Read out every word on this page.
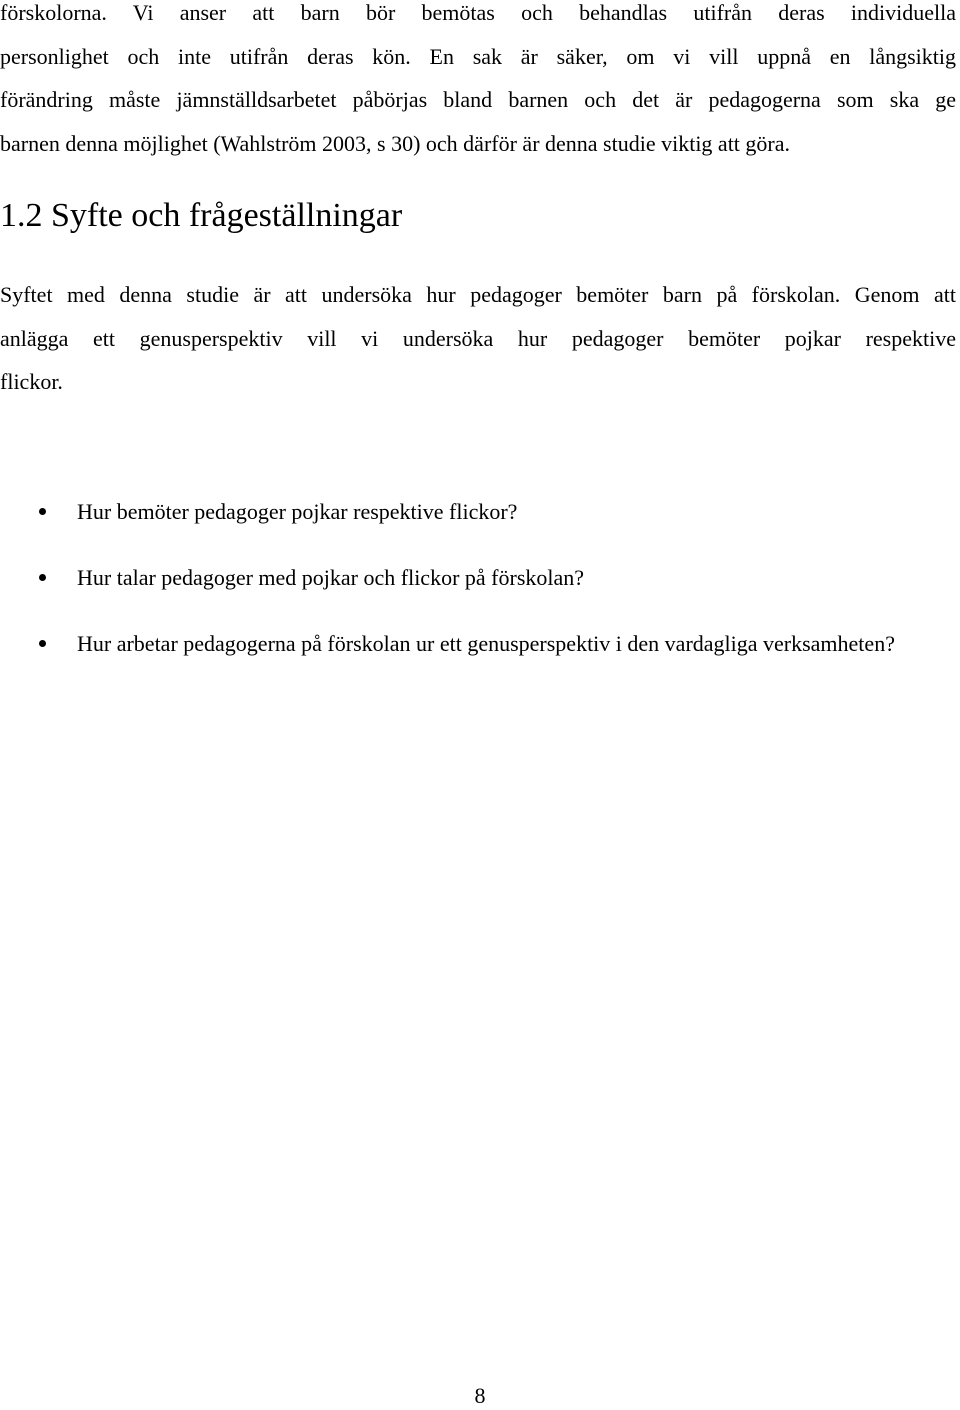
förskolorna. Vi anser att barn bör bemötas och behandlas utifrån deras individuella
personlighet och inte utifrån deras kön. En sak är säker, om vi vill uppnå en långsiktig
förändring måste jämnställdsarbetet påbörjas bland barnen och det är pedagogerna som ska ge
barnen denna möjlighet (Wahlström 2003, s 30) och därför är denna studie viktig att göra.

1.2 Syfte och frågeställningar

Syftet med denna studie är att undersöka hur pedagoger bemöter barn på förskolan. Genom att
anlägga ett genusperspektiv vill vi undersöka hur pedagoger bemöter pojkar respektive
flickor.

Hur bemöter pedagoger pojkar respektive flickor?
Hur talar pedagoger med pojkar och flickor på förskolan?
Hur arbetar pedagogerna på förskolan ur ett genusperspektiv i den vardagliga verksamheten?
8
